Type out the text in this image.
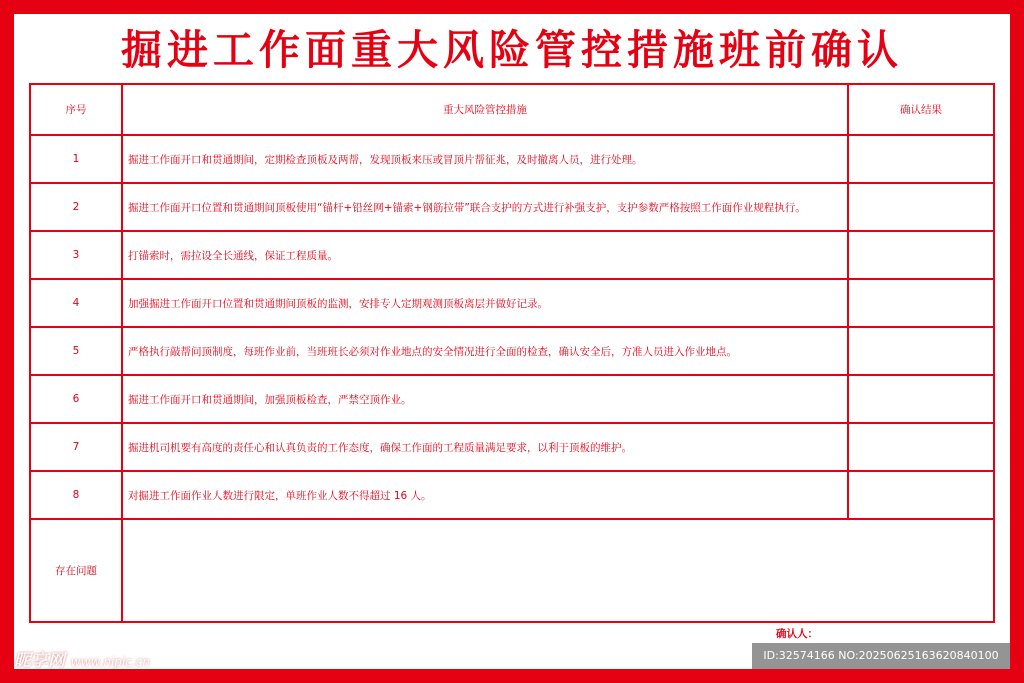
掘进工作面重大风险管控措施班前确认
序号	重大风险管控措施	确认结果
1	掘进工作面开口和贯通期间，定期检查顶板及两帮，发现顶板来压或冒顶片帮征兆，及时撤离人员，进行处理。	
2	掘进工作面开口位置和贯通期间顶板使用“锚杆+铅丝网+锚索+钢筋拉带”联合支护的方式进行补强支护，支护参数严格按照工作面作业规程执行。	
3	打锚索时，需拉设全长通线，保证工程质量。	
4	加强掘进工作面开口位置和贯通期间顶板的监测，安排专人定期观测顶板离层并做好记录。	
5	严格执行敲帮问顶制度，每班作业前，当班班长必须对作业地点的安全情况进行全面的检查，确认安全后，方准人员进入作业地点。	
6	掘进工作面开口和贯通期间，加强顶板检查，严禁空顶作业。	
7	掘进机司机要有高度的责任心和认真负责的工作态度，确保工作面的工程质量满足要求，以利于顶板的维护。	
8	对掘进工作面作业人数进行限定，单班作业人数不得超过 16 人。	
存在问题		
确认人：
昵享网 www.nipic.cn	ID:32574166 NO:20250625163620840100
